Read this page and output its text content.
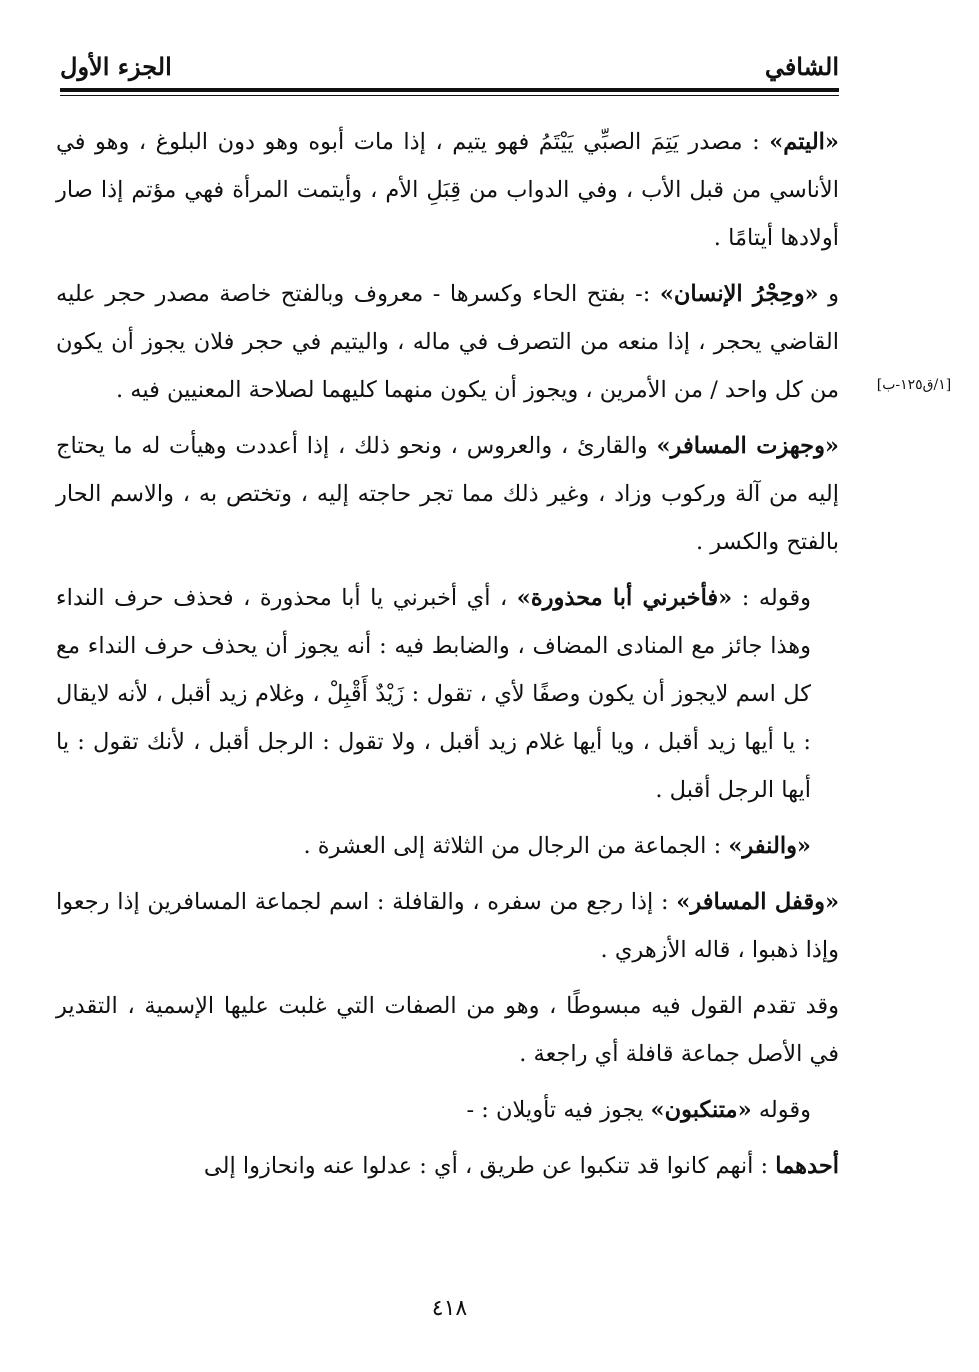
الشافي
الجزء الأول
[١/ق١٢٥-ب]

«اليتم» : مصدر يَتِمَ الصبِّي يَيْتَمُ فهو يتيم ، إذا مات أبوه وهو دون البلوغ ، وهو في الأناسي من قبل الأب ، وفي الدواب من قِبَلِ الأم ، وأيتمت المرأة فهي مؤتم إذا صار أولادها أيتامًا .

و «وحِجْرُ الإنسان» :- بفتح الحاء وكسرها - معروف وبالفتح خاصة مصدر حجر عليه القاضي يحجر ، إذا منعه من التصرف في ماله ، واليتيم في حجر فلان يجوز أن يكون من كل واحد / من الأمرين ، ويجوز أن يكون منهما كليهما لصلاحة المعنيين فيه .

«وجهزت المسافر» والقارئ ، والعروس ، ونحو ذلك ، إذا أعددت وهيأت له ما يحتاج إليه من آلة وركوب وزاد ، وغير ذلك مما تجر حاجته إليه ، وتختص به ، والاسم الحار بالفتح والكسر .

وقوله : «فأخبرني أبا محذورة» ، أي أخبرني يا أبا محذورة ، فحذف حرف النداء وهذا جائز مع المنادى المضاف ، والضابط فيه : أنه يجوز أن يحذف حرف النداء مع كل اسم لايجوز أن يكون وصفًا لأي ، تقول : زَيْدٌ أَقْبِلْ ، وغلام زيد أقبل ، لأنه لايقال : يا أيها زيد أقبل ، ويا أيها غلام زيد أقبل ، ولا تقول : الرجل أقبل ، لأنك تقول : يا أيها الرجل أقبل .

«والنفر» : الجماعة من الرجال من الثلاثة إلى العشرة .

«وقفل المسافر» : إذا رجع من سفره ، والقافلة : اسم لجماعة المسافرين إذا رجعوا وإذا ذهبوا ، قاله الأزهري .

وقد تقدم القول فيه مبسوطًا ، وهو من الصفات التي غلبت عليها الإسمية ، التقدير في الأصل جماعة قافلة أي راجعة .

وقوله «متنكبون» يجوز فيه تأويلان : -

أحدهما : أنهم كانوا قد تنكبوا عن طريق ، أي : عدلوا عنه وانحازوا إلى

٤١٨
